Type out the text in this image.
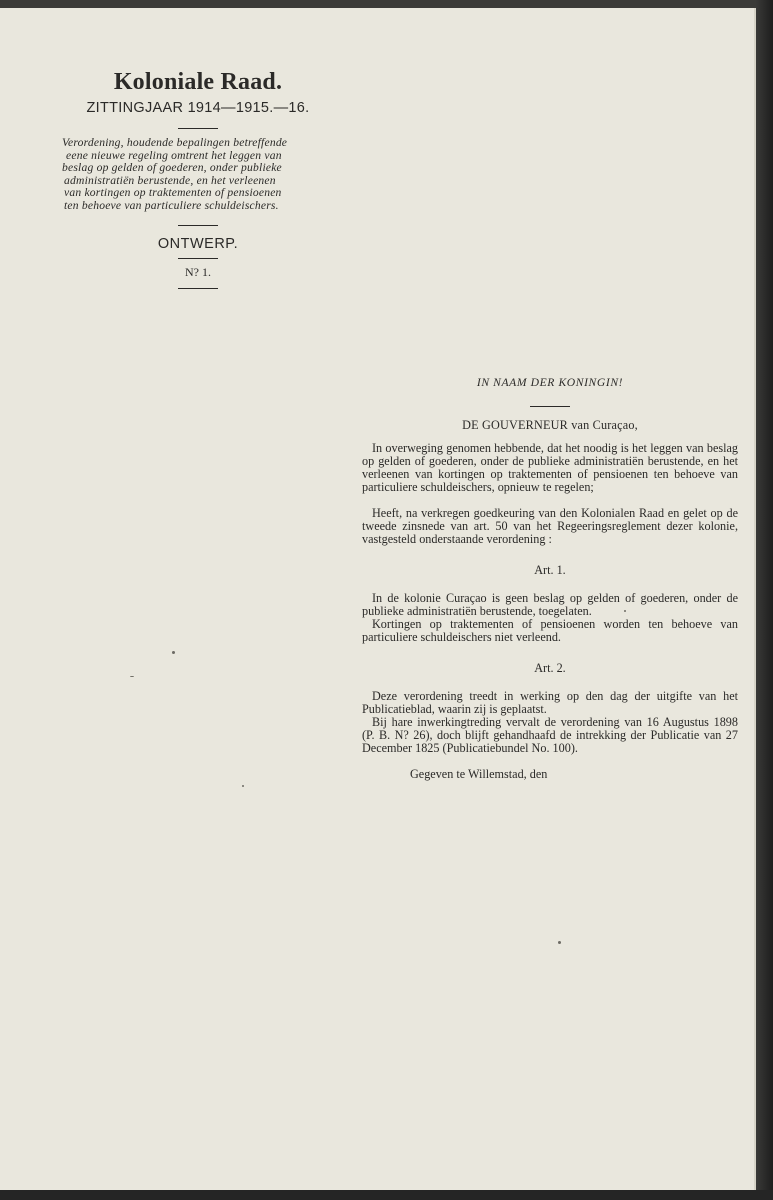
Koloniale Raad.

ZITTINGJAAR 1914—1915.—16.

Verordening, houdende bepalingen betreffende
eene nieuwe regeling omtrent het leggen van
beslag op gelden of goederen, onder publieke
administratiën berustende, en het verleenen
van kortingen op traktementen of pensioenen
ten behoeve van particuliere schuldeischers.

ONTWERP.

N? 1.

IN NAAM DER KONINGIN!

DE GOUVERNEUR van Curaçao,

In overweging genomen hebbende, dat het noodig is het leggen van beslag op gelden of goederen, onder de publieke administratiën berustende, en het verleenen van kortingen op traktementen of pensioenen ten behoeve van particuliere schuldeischers, opnieuw te regelen;

Heeft, na verkregen goedkeuring van den Kolonialen Raad en gelet op de tweede zinsnede van art. 50 van het Regeeringsreglement dezer kolonie, vastgesteld onderstaande verordening :

Art. 1.

In de kolonie Curaçao is geen beslag op gelden of goederen, onder de publieke administratiën berustende, toegelaten.

Kortingen op traktementen of pensioenen worden ten behoeve van particuliere schuldeischers niet verleend.

Art. 2.

Deze verordening treedt in werking op den dag der uitgifte van het Publicatieblad, waarin zij is geplaatst.

Bij hare inwerkingtreding vervalt de verordening van 16 Augustus 1898 (P. B. N? 26), doch blijft gehandhaafd de intrekking der Publicatie van 27 December 1825 (Publicatiebundel No. 100).

Gegeven te Willemstad, den
